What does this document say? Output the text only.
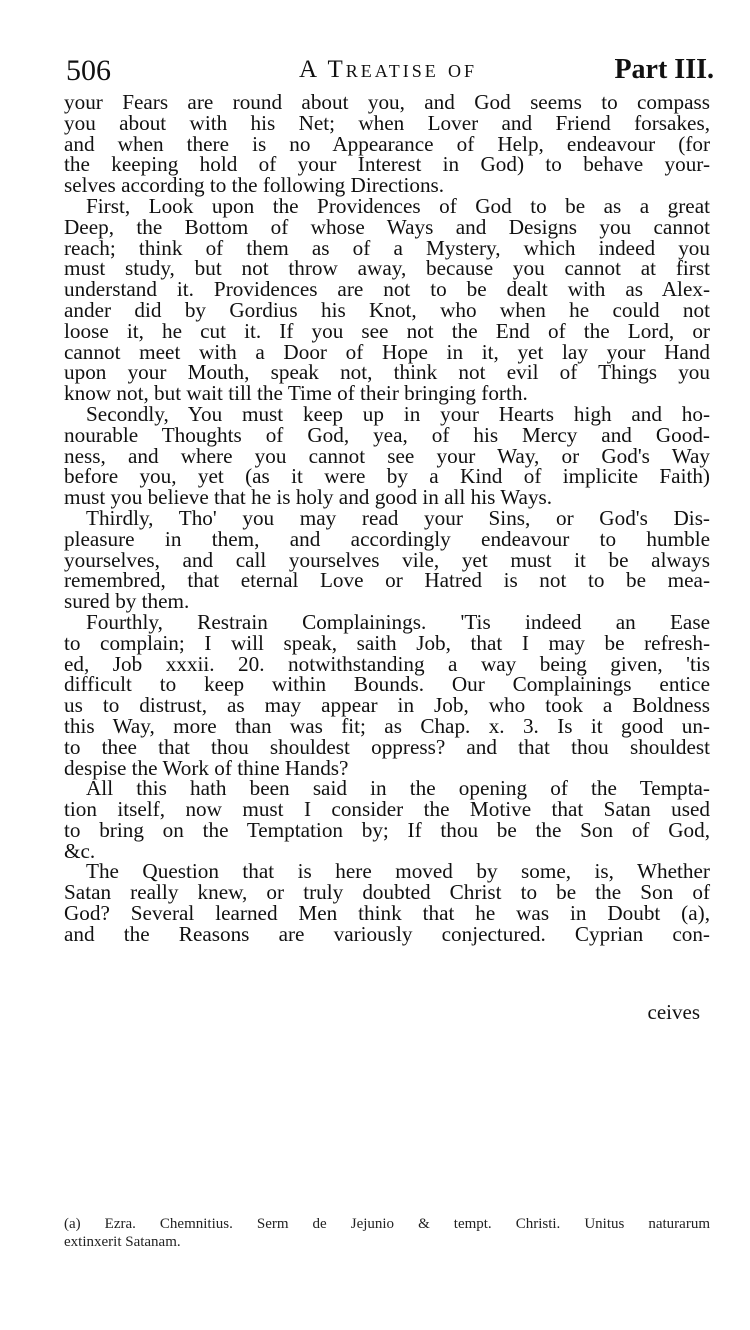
506	A Treatise of	Part III.
your Fears are round about you, and God seems to compass
you about with his Net; when Lover and Friend forsakes,
and when there is no Appearance of Help, endeavour (for
the keeping hold of your Interest in God) to behave your-
selves according to the following Directions.
First, Look upon the Providences of God to be as a great
Deep, the Bottom of whose Ways and Designs you cannot
reach; think of them as of a Mystery, which indeed you
must study, but not throw away, because you cannot at first
understand it. Providences are not to be dealt with as Alex-
ander did by Gordius his Knot, who when he could not
loose it, he cut it. If you see not the End of the Lord, or
cannot meet with a Door of Hope in it, yet lay your Hand
upon your Mouth, speak not, think not evil of Things you
know not, but wait till the Time of their bringing forth.
Secondly, You must keep up in your Hearts high and ho-
nourable Thoughts of God, yea, of his Mercy and Good-
ness, and where you cannot see your Way, or God's Way
before you, yet (as it were by a Kind of implicite Faith)
must you believe that he is holy and good in all his Ways.
Thirdly, Tho' you may read your Sins, or God's Dis-
pleasure in them, and accordingly endeavour to humble
yourselves, and call yourselves vile, yet must it be always
remembred, that eternal Love or Hatred is not to be mea-
sured by them.
Fourthly, Restrain Complainings. 'Tis indeed an Ease
to complain; I will speak, saith Job, that I may be refresh-
ed, Job xxxii. 20. notwithstanding a way being given, 'tis
difficult to keep within Bounds. Our Complainings entice
us to distrust, as may appear in Job, who took a Boldness
this Way, more than was fit; as Chap. x. 3. Is it good un-
to thee that thou shouldest oppress? and that thou shouldest
despise the Work of thine Hands?
All this hath been said in the opening of the Tempta-
tion itself, now must I consider the Motive that Satan used
to bring on the Temptation by; If thou be the Son of God,
&c.
The Question that is here moved by some, is, Whether
Satan really knew, or truly doubted Christ to be the Son of
God? Several learned Men think that he was in Doubt (a),
and the Reasons are variously conjectured. Cyprian con-
ceives
(a) Ezra. Chemnitius. Serm de Jejunio & tempt. Christi. Unitus naturarum
extinxerit Satanam.
